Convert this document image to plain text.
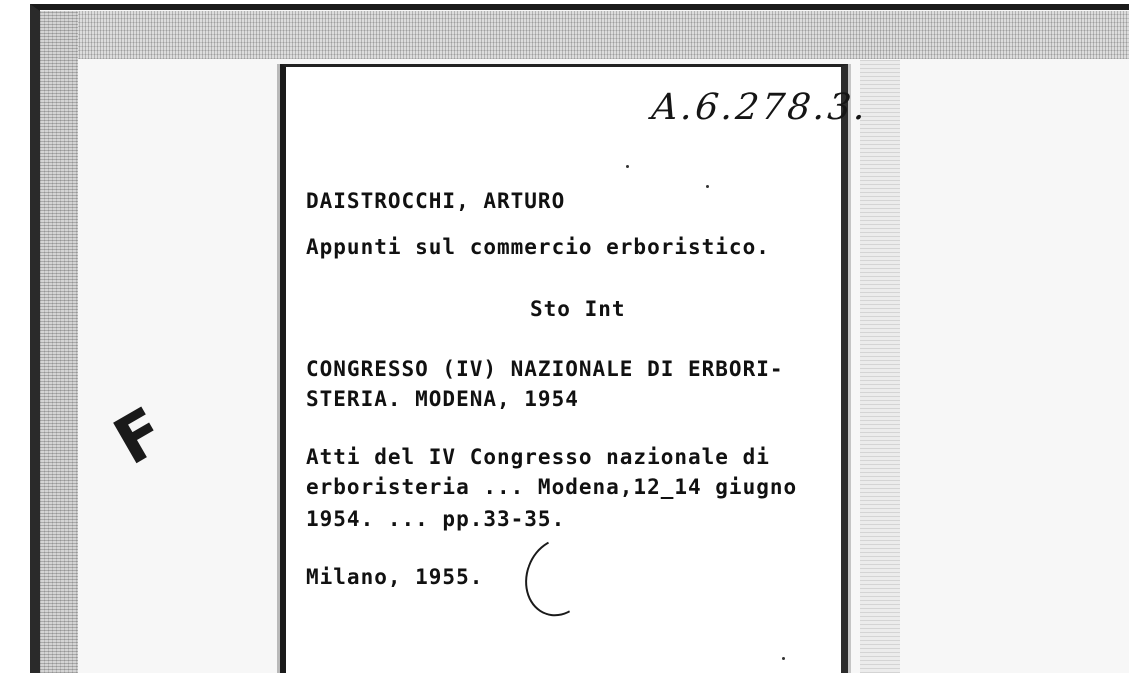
F
A.6.278.3.
DAISTROCCHI, ARTURO
Appunti sul commercio erboristico.
Sto Int
CONGRESSO (IV) NAZIONALE DI ERBORI-
STERIA. MODENA, 1954
Atti del IV Congresso nazionale di
erboristeria ... Modena,12_14 giugno
1954. ... pp.33-35.
Milano, 1955.
